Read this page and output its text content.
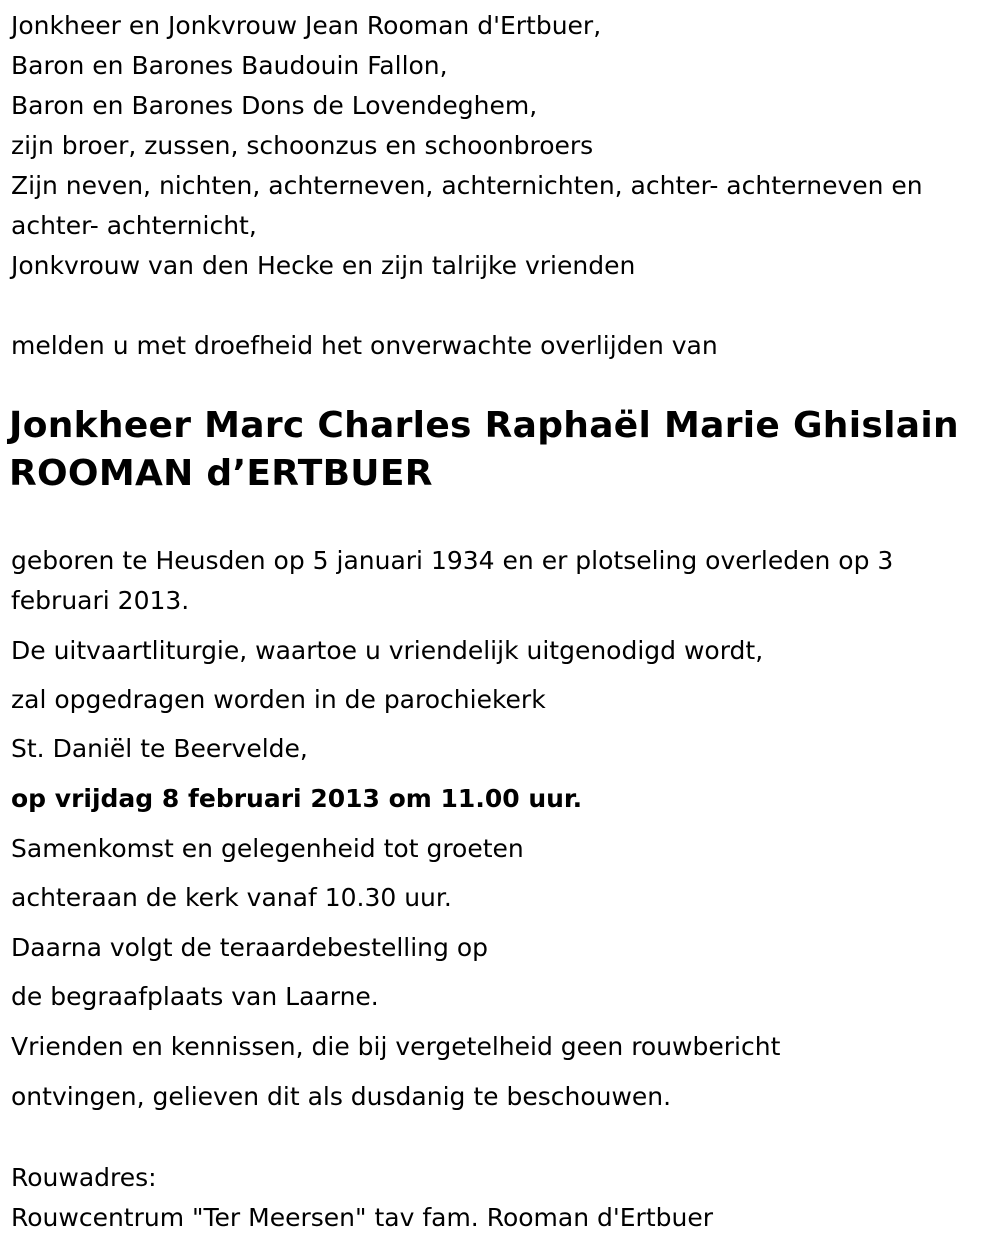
Jonkheer en Jonkvrouw Jean Rooman d'Ertbuer,
Baron en Barones Baudouin Fallon,
Baron en Barones Dons de Lovendeghem,
zijn broer, zussen, schoonzus en schoonbroers
Zijn neven, nichten, achterneven, achternichten, achter- achterneven en
achter- achternicht,
Jonkvrouw van den Hecke en zijn talrijke vrienden
melden u met droefheid het onverwachte overlijden van
Jonkheer Marc Charles Raphaël Marie Ghislain
ROOMAN d’ERTBUER
geboren te Heusden op 5 januari 1934 en er plotseling overleden op 3
februari 2013.
De uitvaartliturgie, waartoe u vriendelijk uitgenodigd wordt,
zal opgedragen worden in de parochiekerk
St. Daniël te Beervelde,
op vrijdag 8 februari 2013 om 11.00 uur.
Samenkomst en gelegenheid tot groeten
achteraan de kerk vanaf 10.30 uur.
Daarna volgt de teraardebestelling op
de begraafplaats van Laarne.
Vrienden en kennissen, die bij vergetelheid geen rouwbericht
ontvingen, gelieven dit als dusdanig te beschouwen.
Rouwadres:
Rouwcentrum "Ter Meersen" tav fam. Rooman d'Ertbuer
